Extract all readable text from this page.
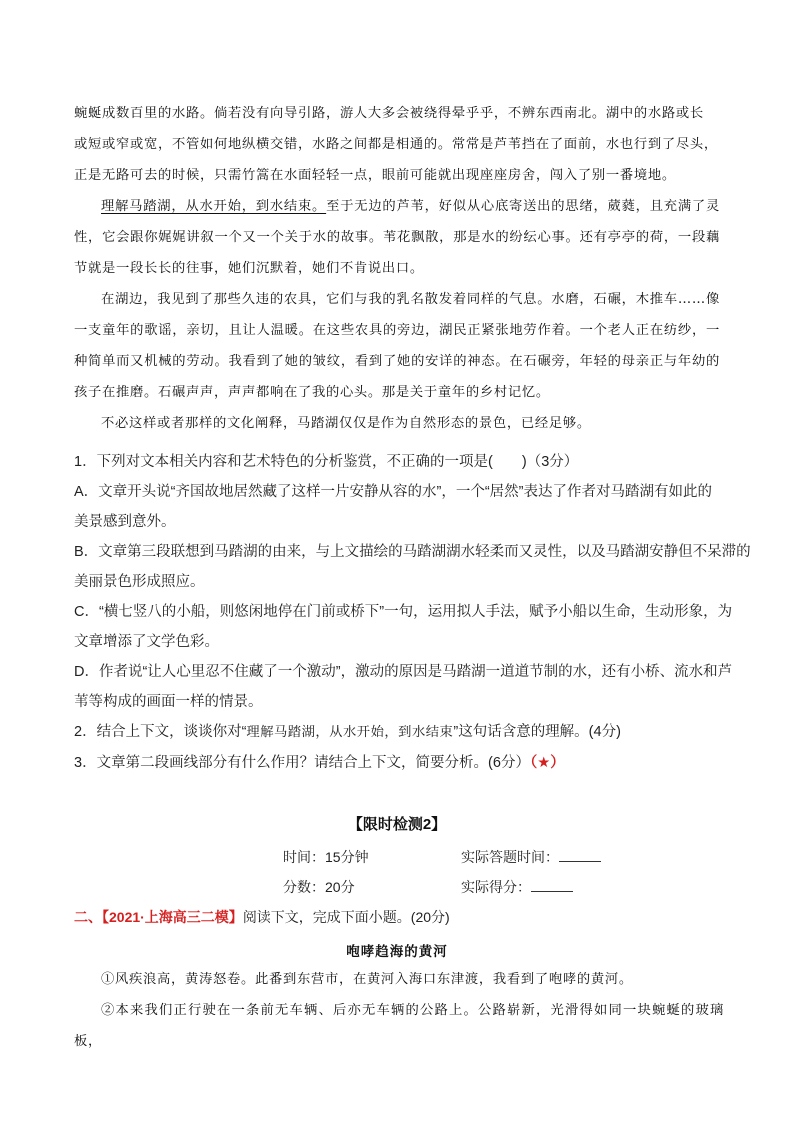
蜿蜒成数百里的水路。倘若没有向导引路，游人大多会被绕得晕乎乎，不辨东西南北。湖中的水路或长

或短或窄或宽，不管如何地纵横交错，水路之间都是相通的。常常是芦苇挡在了面前，水也行到了尽头，

正是无路可去的时候，只需竹篙在水面轻轻一点，眼前可能就出现座座房舍，闯入了别一番境地。

理解马踏湖，从水开始，到水结束。至于无边的芦苇，好似从心底寄送出的思绪，葳蕤，且充满了灵性，它会跟你娓娓讲叙一个又一个关于水的故事。苇花飘散，那是水的纷纭心事。还有亭亭的荷，一段藕节就是一段长长的往事，她们沉默着，她们不肯说出口。

在湖边，我见到了那些久违的农具，它们与我的乳名散发着同样的气息。水磨，石碾，木推车……像一支童年的歌谣，亲切，且让人温暖。在这些农具的旁边，湖民正紧张地劳作着。一个老人正在纺纱，一种简单而又机械的劳动。我看到了她的皱纹，看到了她的安详的神态。在石碾旁，年轻的母亲正与年幼的孩子在推磨。石碾声声，声声都响在了我的心头。那是关于童年的乡村记忆。

不必这样或者那样的文化阐释，马踏湖仅仅是作为自然形态的景色，已经足够。

1．下列对文本相关内容和艺术特色的分析鉴赏，不正确的一项是(　　)（3分）
A．文章开头说“齐国故地居然藏了这样一片安静从容的水”，一个“居然”表达了作者对马踏湖有如此的
美景感到意外。
B．文章第三段联想到马踏湖的由来，与上文描绘的马踏湖湖水轻柔而又灵性，以及马踏湖安静但不呆滞的
美丽景色形成照应。
C．“横七竖八的小船，则悠闲地停在门前或桥下”一句，运用拟人手法，赋予小船以生命，生动形象，为
文章增添了文学色彩。
D．作者说“让人心里忍不住藏了一个激动”，激动的原因是马踏湖一道道节制的水，还有小桥、流水和芦
苇等构成的画面一样的情景。
2．结合上下文，谈谈你对“理解马踏湖，从水开始，到水结束”这句话含意的理解。(4分)
3．文章第二段画线部分有什么作用？请结合上下文，简要分析。(6分）（★）
【限时检测2】
时间：15分钟	实际答题时间：
分数：20分	实际得分：
二、【2021·上海高三二模】阅读下文，完成下面小题。(20分)
咆哮趋海的黄河

①风疾浪高，黄涛怒卷。此番到东营市，在黄河入海口东津渡，我看到了咆哮的黄河。

②本来我们正行驶在一条前无车辆、后亦无车辆的公路上。公路崭新，光滑得如同一块蜿蜒的玻璃板，
